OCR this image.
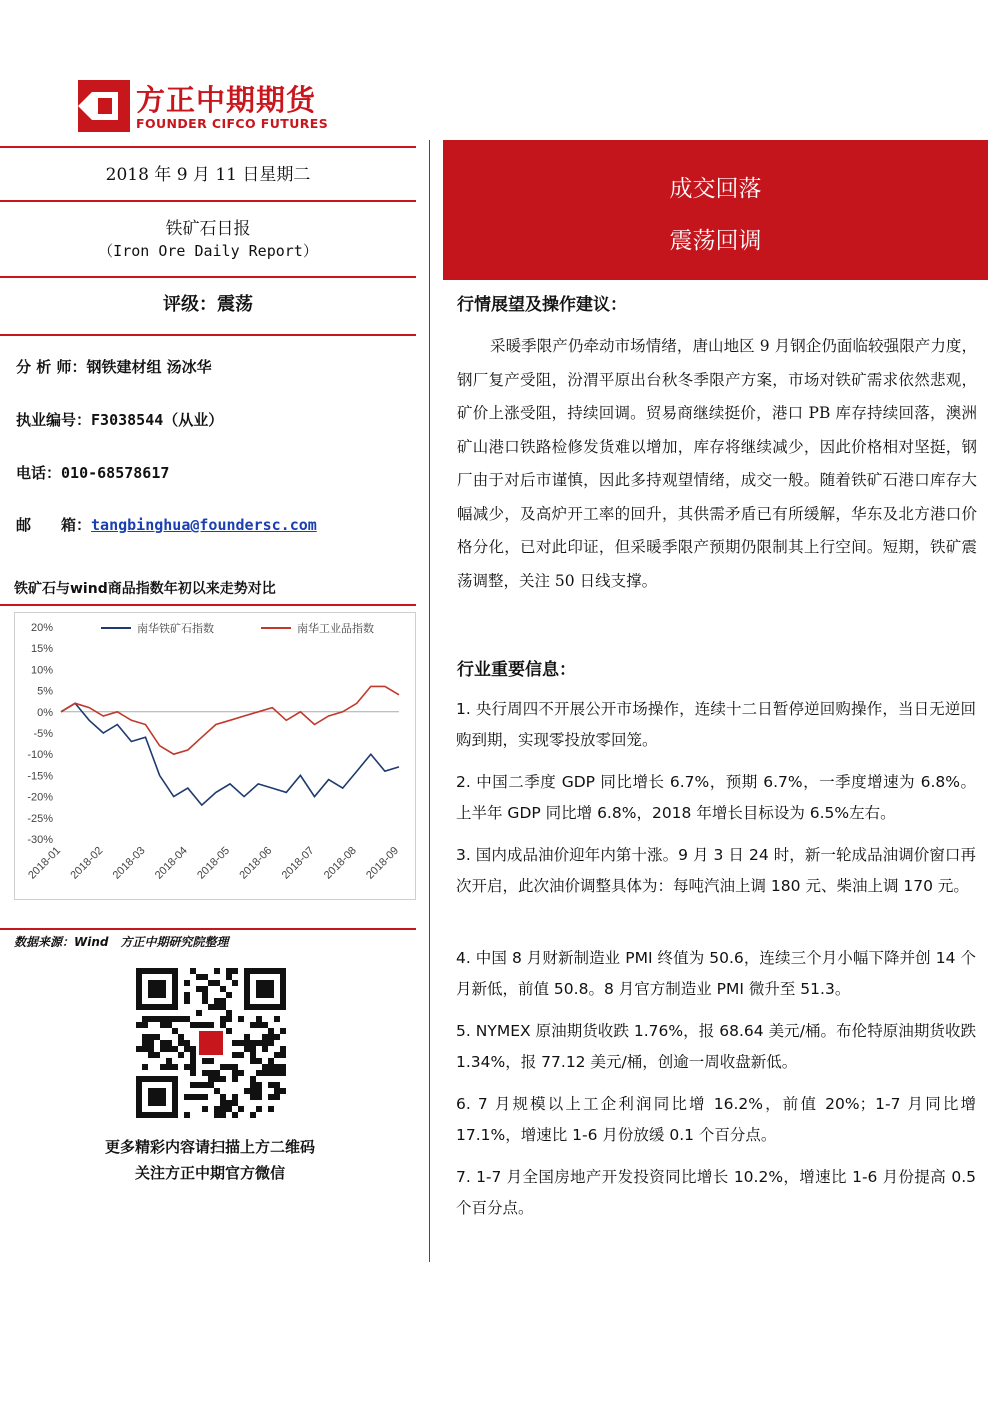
方正中期期货
FOUNDER CIFCO FUTURES
2018 年 9 月 11 日星期二
铁矿石日报
（Iron Ore Daily Report）
评级：震荡
分 析 师：钢铁建材组 汤冰华
执业编号：F3038544（从业）
电话：010-68578617
邮　　箱：tangbinghua@foundersc.com
铁矿石与wind商品指数年初以来走势对比
20%
15%
10%
5%
0%
-5%
-10%
-15%
-20%
-25%
-30%
2018-01 2018-02 2018-03 2018-04 2018-05 2018-06 2018-07 2018-08 2018-09
南华铁矿石指数	南华工业品指数
数据来源：Wind　方正中期研究院整理
更多精彩内容请扫描上方二维码
关注方正中期官方微信
成交回落
震荡回调
行情展望及操作建议：
采暖季限产仍牵动市场情绪，唐山地区 9 月钢企仍面临较强限产力度，钢厂复产受阻，汾渭平原出台秋冬季限产方案，市场对铁矿需求依然悲观，矿价上涨受阻，持续回调。贸易商继续挺价，港口 PB 库存持续回落，澳洲矿山港口铁路检修发货难以增加，库存将继续减少，因此价格相对坚挺，钢厂由于对后市谨慎，因此多持观望情绪，成交一般。随着铁矿石港口库存大幅减少，及高炉开工率的回升，其供需矛盾已有所缓解，华东及北方港口价格分化，已对此印证，但采暖季限产预期仍限制其上行空间。短期，铁矿震荡调整，关注 50 日线支撑。
行业重要信息：
1. 央行周四不开展公开市场操作，连续十二日暂停逆回购操作，当日无逆回购到期，实现零投放零回笼。
2. 中国二季度 GDP 同比增长 6.7%，预期 6.7%，一季度增速为 6.8%。上半年 GDP 同比增 6.8%，2018 年增长目标设为 6.5%左右。
3. 国内成品油价迎年内第十涨。9 月 3 日 24 时，新一轮成品油调价窗口再次开启，此次油价调整具体为：每吨汽油上调 180 元、柴油上调 170 元。
4. 中国 8 月财新制造业 PMI 终值为 50.6，连续三个月小幅下降并创 14 个月新低，前值 50.8。8 月官方制造业 PMI 微升至 51.3。
5. NYMEX 原油期货收跌 1.76%，报 68.64 美元/桶。布伦特原油期货收跌 1.34%，报 77.12 美元/桶，创逾一周收盘新低。
6. 7 月规模以上工企利润同比增 16.2%，前值 20%；1-7 月同比增 17.1%，增速比 1-6 月份放缓 0.1 个百分点。
7. 1-7 月全国房地产开发投资同比增长 10.2%，增速比 1-6 月份提高 0.5 个百分点。
